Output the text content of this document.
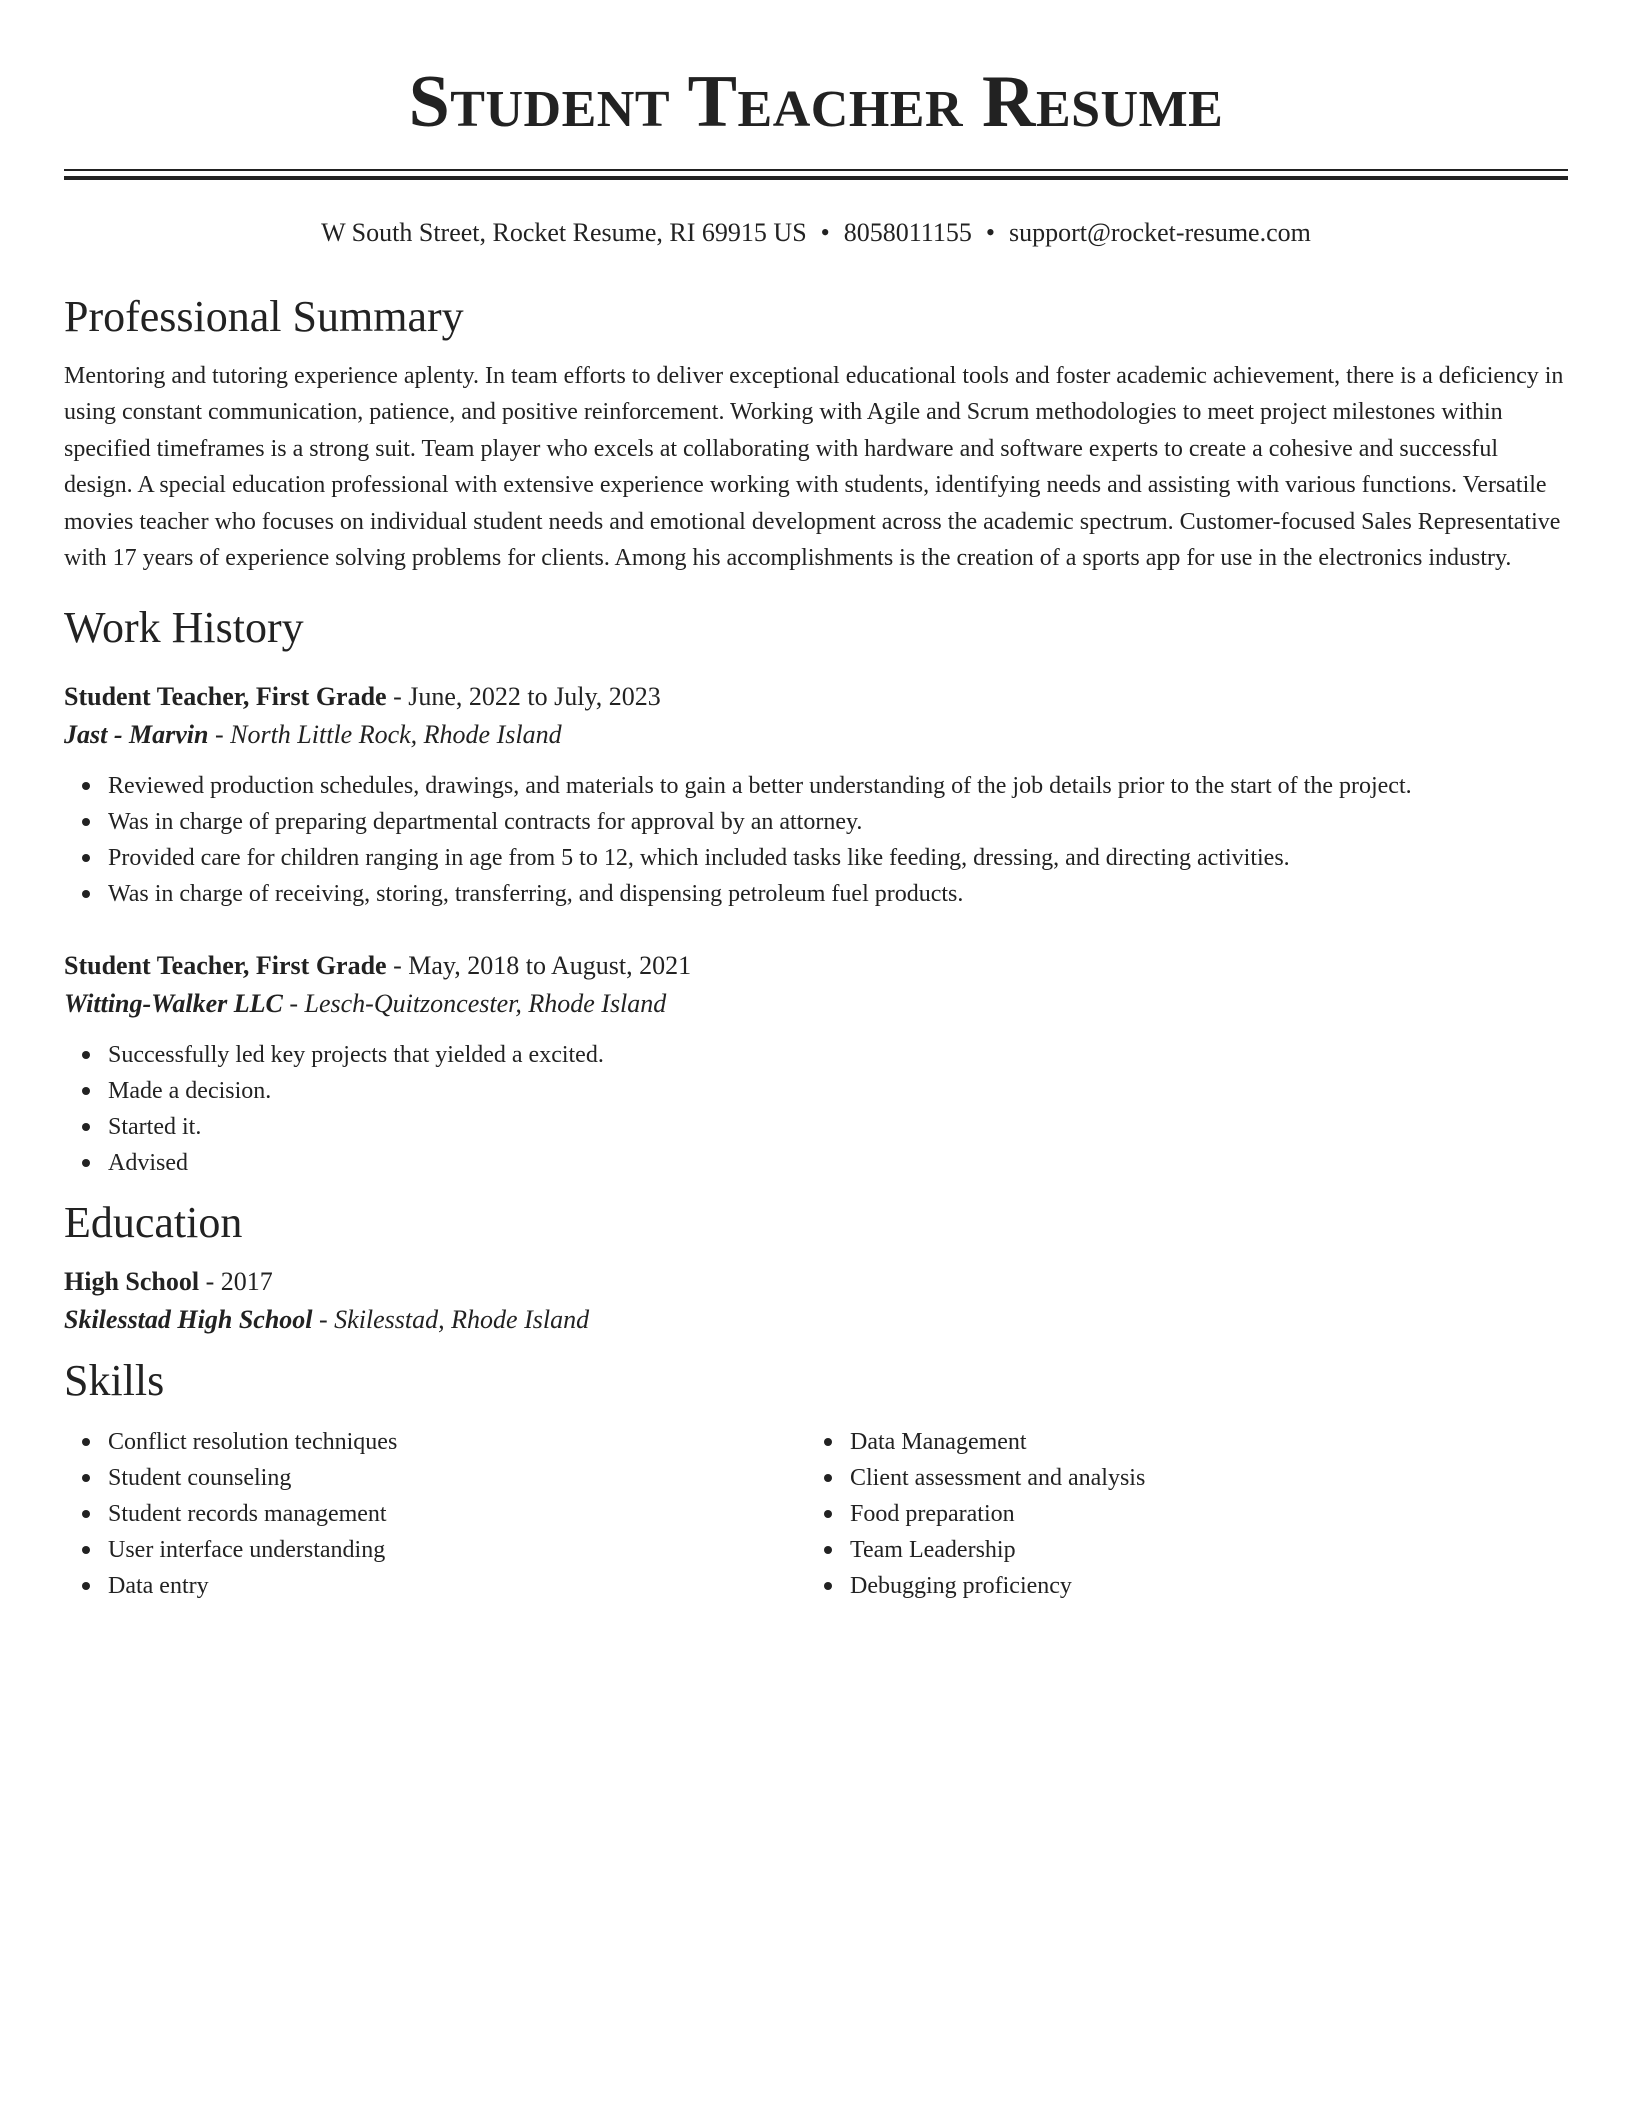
Student Teacher Resume
W South Street, Rocket Resume, RI 69915 US • 8058011155 • support@rocket-resume.com
Professional Summary

Mentoring and tutoring experience aplenty. In team efforts to deliver exceptional educational tools and foster academic achievement, there is a deficiency in using constant communication, patience, and positive reinforcement. Working with Agile and Scrum methodologies to meet project milestones within specified timeframes is a strong suit. Team player who excels at collaborating with hardware and software experts to create a cohesive and successful design. A special education professional with extensive experience working with students, identifying needs and assisting with various functions. Versatile movies teacher who focuses on individual student needs and emotional development across the academic spectrum. Customer-focused Sales Representative with 17 years of experience solving problems for clients. Among his accomplishments is the creation of a sports app for use in the electronics industry.

Work History
Student Teacher, First Grade - June, 2022 to July, 2023
Jast - Marvin - North Little Rock, Rhode Island
Reviewed production schedules, drawings, and materials to gain a better understanding of the job details prior to the start of the project.
Was in charge of preparing departmental contracts for approval by an attorney.
Provided care for children ranging in age from 5 to 12, which included tasks like feeding, dressing, and directing activities.
Was in charge of receiving, storing, transferring, and dispensing petroleum fuel products.
Student Teacher, First Grade - May, 2018 to August, 2021
Witting-Walker LLC - Lesch-Quitzoncester, Rhode Island
Successfully led key projects that yielded a excited.
Made a decision.
Started it.
Advised
Education
High School - 2017
Skilesstad High School - Skilesstad, Rhode Island
Skills
Conflict resolution techniques
Student counseling
Student records management
User interface understanding
Data entry
Data Management
Client assessment and analysis
Food preparation
Team Leadership
Debugging proficiency
